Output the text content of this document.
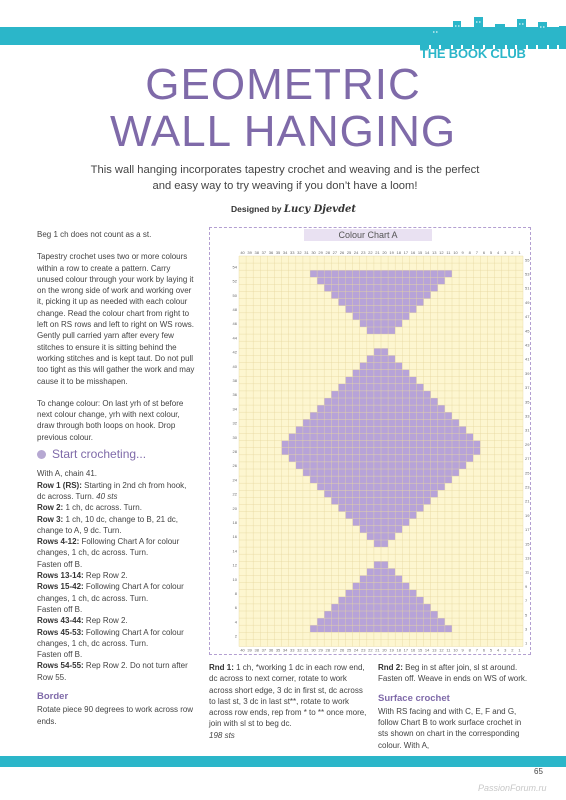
THE BOOK CLUB
GEOMETRIC
WALL HANGING
This wall hanging incorporates tapestry crochet and weaving and is the perfect and easy way to try weaving if you don’t have a loom!
Designed by Lucy Djevdet

Beg 1 ch does not count as a st.

Tapestry crochet uses two or more colours within a row to create a pattern. Carry unused colour through your work by laying it on the wrong side of work and working over it, picking it up as needed with each colour change. Read the colour chart from right to left on RS rows and left to right on WS rows. Gently pull carried yarn after every few stitches to ensure it is sitting behind the working stitches and is kept taut. Do not pull too tight as this will gather the work and may cause it to be misshapen.

To change colour: On last yrh of st before next colour change, yrh with next colour, draw through both loops on hook. Drop previous colour.

Start crocheting...

With A, chain 41.

Row 1 (RS): Starting in 2nd ch from hook, dc across. Turn. 40 sts

Row 2: 1 ch, dc across. Turn.

Row 3: 1 ch, 10 dc, change to B, 21 dc, change to A, 9 dc. Turn.

Rows 4-12: Following Chart A for colour changes, 1 ch, dc across. Turn.

Fasten off B.

Rows 13-14: Rep Row 2.

Rows 15-42: Following Chart A for colour changes, 1 ch, dc across. Turn.

Fasten off B.

Rows 43-44: Rep Row 2.

Rows 45-53: Following Chart A for colour changes, 1 ch, dc across. Turn.

Fasten off B.

Rows 54-55: Rep Row 2. Do not turn after Row 55.

Border

Rotate piece 90 degrees to work across row ends.

Colour Chart A
40
40
39
39
38
38
37
37
36
36
35
35
34
34
33
33
32
32
31
31
30
30
29
29
28
28
27
27
26
26
25
25
24
24
23
23
22
22
21
21
20
20
19
19
18
18
17
17
16
16
15
15
14
14
13
13
12
12
11
11
10
10
9
9
8
8
7
7
6
6
5
5
4
4
3
3
2
2
1
1
54
52
50
48
46
44
42
40
38
36
34
32
30
28
26
24
22
20
18
16
14
12
10
8
6
4
2
55
53
51
49
47
45
43
41
39
37
35
33
31
29
27
25
23
21
19
17
15
13
11
9
7
5
3
1

Rnd 1: 1 ch, *working 1 dc in each row end, dc across to next corner, rotate to work across short edge, 3 dc in first st, dc across to last st, 3 dc in last st**, rotate to work across row ends, rep from * to ** once more, join with sl st to beg dc.

198 sts

Rnd 2: Beg in st after join, sl st around. Fasten off. Weave in ends on WS of work.

Surface crochet

With RS facing and with C, E, F and G, follow Chart B to work surface crochet in sts shown on chart in the corresponding colour. With A,

65
PassionForum.ru
